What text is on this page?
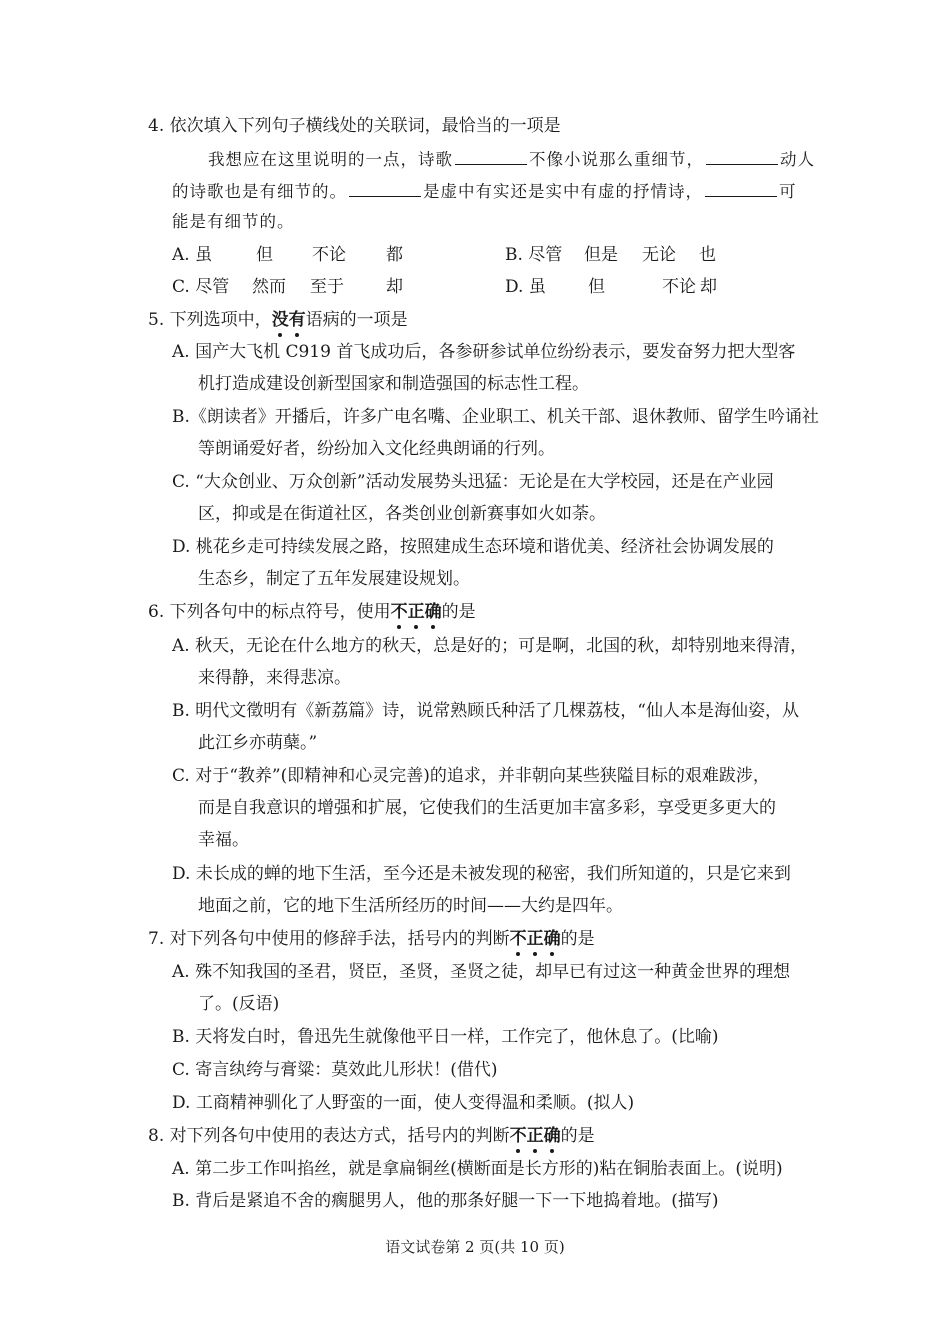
4. 依次填入下列句子横线处的关联词，最恰当的一项是
我想应在这里说明的一点，诗歌	不像小说那么重细节，	动人
的诗歌也是有细节的。	是虚中有实还是实中有虚的抒情诗，	可
能是有细节的。
A. 虽	但 不论 都	B. 尽管 但是 无论 也
C. 尽管 然而 至于 却	D. 虽 但	不论 却
5. 下列选项中，没有语病的一项是
A. 国产大飞机 C919 首飞成功后，各参研参试单位纷纷表示，要发奋努力把大型客
机打造成建设创新型国家和制造强国的标志性工程。
B.《朗读者》开播后，许多广电名嘴、企业职工、机关干部、退休教师、留学生吟诵社
等朗诵爱好者，纷纷加入文化经典朗诵的行列。
C. “大众创业、万众创新”活动发展势头迅猛：无论是在大学校园，还是在产业园
区，抑或是在街道社区，各类创业创新赛事如火如荼。
D. 桃花乡走可持续发展之路，按照建成生态环境和谐优美、经济社会协调发展的
生态乡，制定了五年发展建设规划。
6. 下列各句中的标点符号，使用不正确的是
A. 秋天，无论在什么地方的秋天，总是好的；可是啊，北国的秋，却特别地来得清，
来得静，来得悲凉。
B. 明代文徵明有《新荔篇》诗，说常熟顾氏种活了几棵荔枝，“仙人本是海仙姿，从
此江乡亦萌蘖。”
C. 对于“教养”(即精神和心灵完善)的追求，并非朝向某些狭隘目标的艰难跋涉，
而是自我意识的增强和扩展，它使我们的生活更加丰富多彩，享受更多更大的
幸福。
D. 未长成的蝉的地下生活，至今还是未被发现的秘密，我们所知道的，只是它来到
地面之前，它的地下生活所经历的时间——大约是四年。
7. 对下列各句中使用的修辞手法，括号内的判断不正确的是
A. 殊不知我国的圣君，贤臣，圣贤，圣贤之徒，却早已有过这一种黄金世界的理想
了。(反语)
B. 天将发白时，鲁迅先生就像他平日一样，工作完了，他休息了。(比喻)
C. 寄言纨绔与膏粱：莫效此儿形状！(借代)
D. 工商精神驯化了人野蛮的一面，使人变得温和柔顺。(拟人)
8. 对下列各句中使用的表达方式，括号内的判断不正确的是
A. 第二步工作叫掐丝，就是拿扁铜丝(横断面是长方形的)粘在铜胎表面上。(说明)
B. 背后是紧追不舍的瘸腿男人，他的那条好腿一下一下地捣着地。(描写)
语文试卷第 2 页(共 10 页)
